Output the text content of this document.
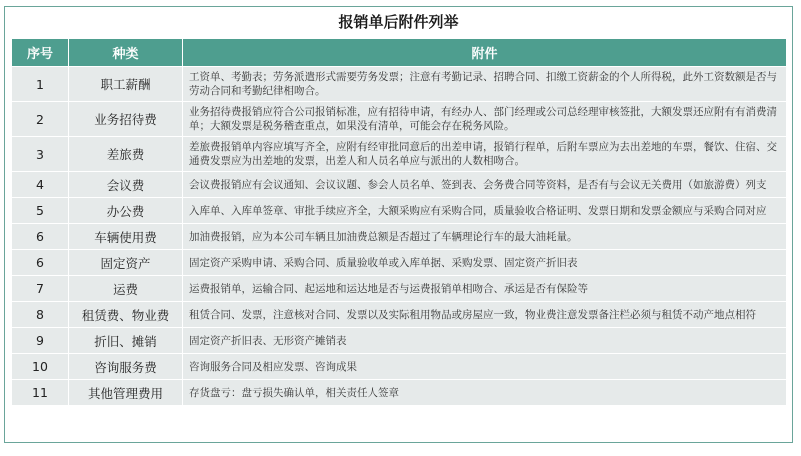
报销单后附件列举
序号	种类	附件
1	职工薪酬	工资单、考勤表；劳务派遣形式需要劳务发票；注意有考勤记录、招聘合同、扣缴工资薪金的个人所得税，此外工资数额是否与劳动合同和考勤纪律相吻合。
2	业务招待费	业务招待费报销应符合公司报销标准，应有招待申请，有经办人、部门经理或公司总经理审核签批，大额发票还应附有有消费清单；大额发票是税务稽查重点，如果没有清单，可能会存在税务风险。
3	差旅费	差旅费报销单内容应填写齐全，应附有经审批同意后的出差申请，报销行程单，后附车票应为去出差地的车票，餐饮、住宿、交通费发票应为出差地的发票，出差人和人员名单应与派出的人数相吻合。
4	会议费	会议费报销应有会议通知、会议议题、参会人员名单、签到表、会务费合同等资料，是否有与会议无关费用（如旅游费）列支
5	办公费	入库单、入库单签章、审批手续应齐全，大额采购应有采购合同，质量验收合格证明、发票日期和发票金额应与采购合同对应
6	车辆使用费	加油费报销，应为本公司车辆且加油费总额是否超过了车辆理论行车的最大油耗量。
6	固定资产	固定资产采购申请、采购合同、质量验收单或入库单据、采购发票、固定资产折旧表
7	运费	运费报销单，运输合同、起运地和运达地是否与运费报销单相吻合、承运是否有保险等
8	租赁费、物业费	租赁合同、发票，注意核对合同、发票以及实际租用物品或房屋应一致，物业费注意发票备注栏必须与租赁不动产地点相符
9	折旧、摊销	固定资产折旧表、无形资产摊销表
10	咨询服务费	咨询服务合同及相应发票、咨询成果
11	其他管理费用	存货盘亏：盘亏损失确认单，相关责任人签章
